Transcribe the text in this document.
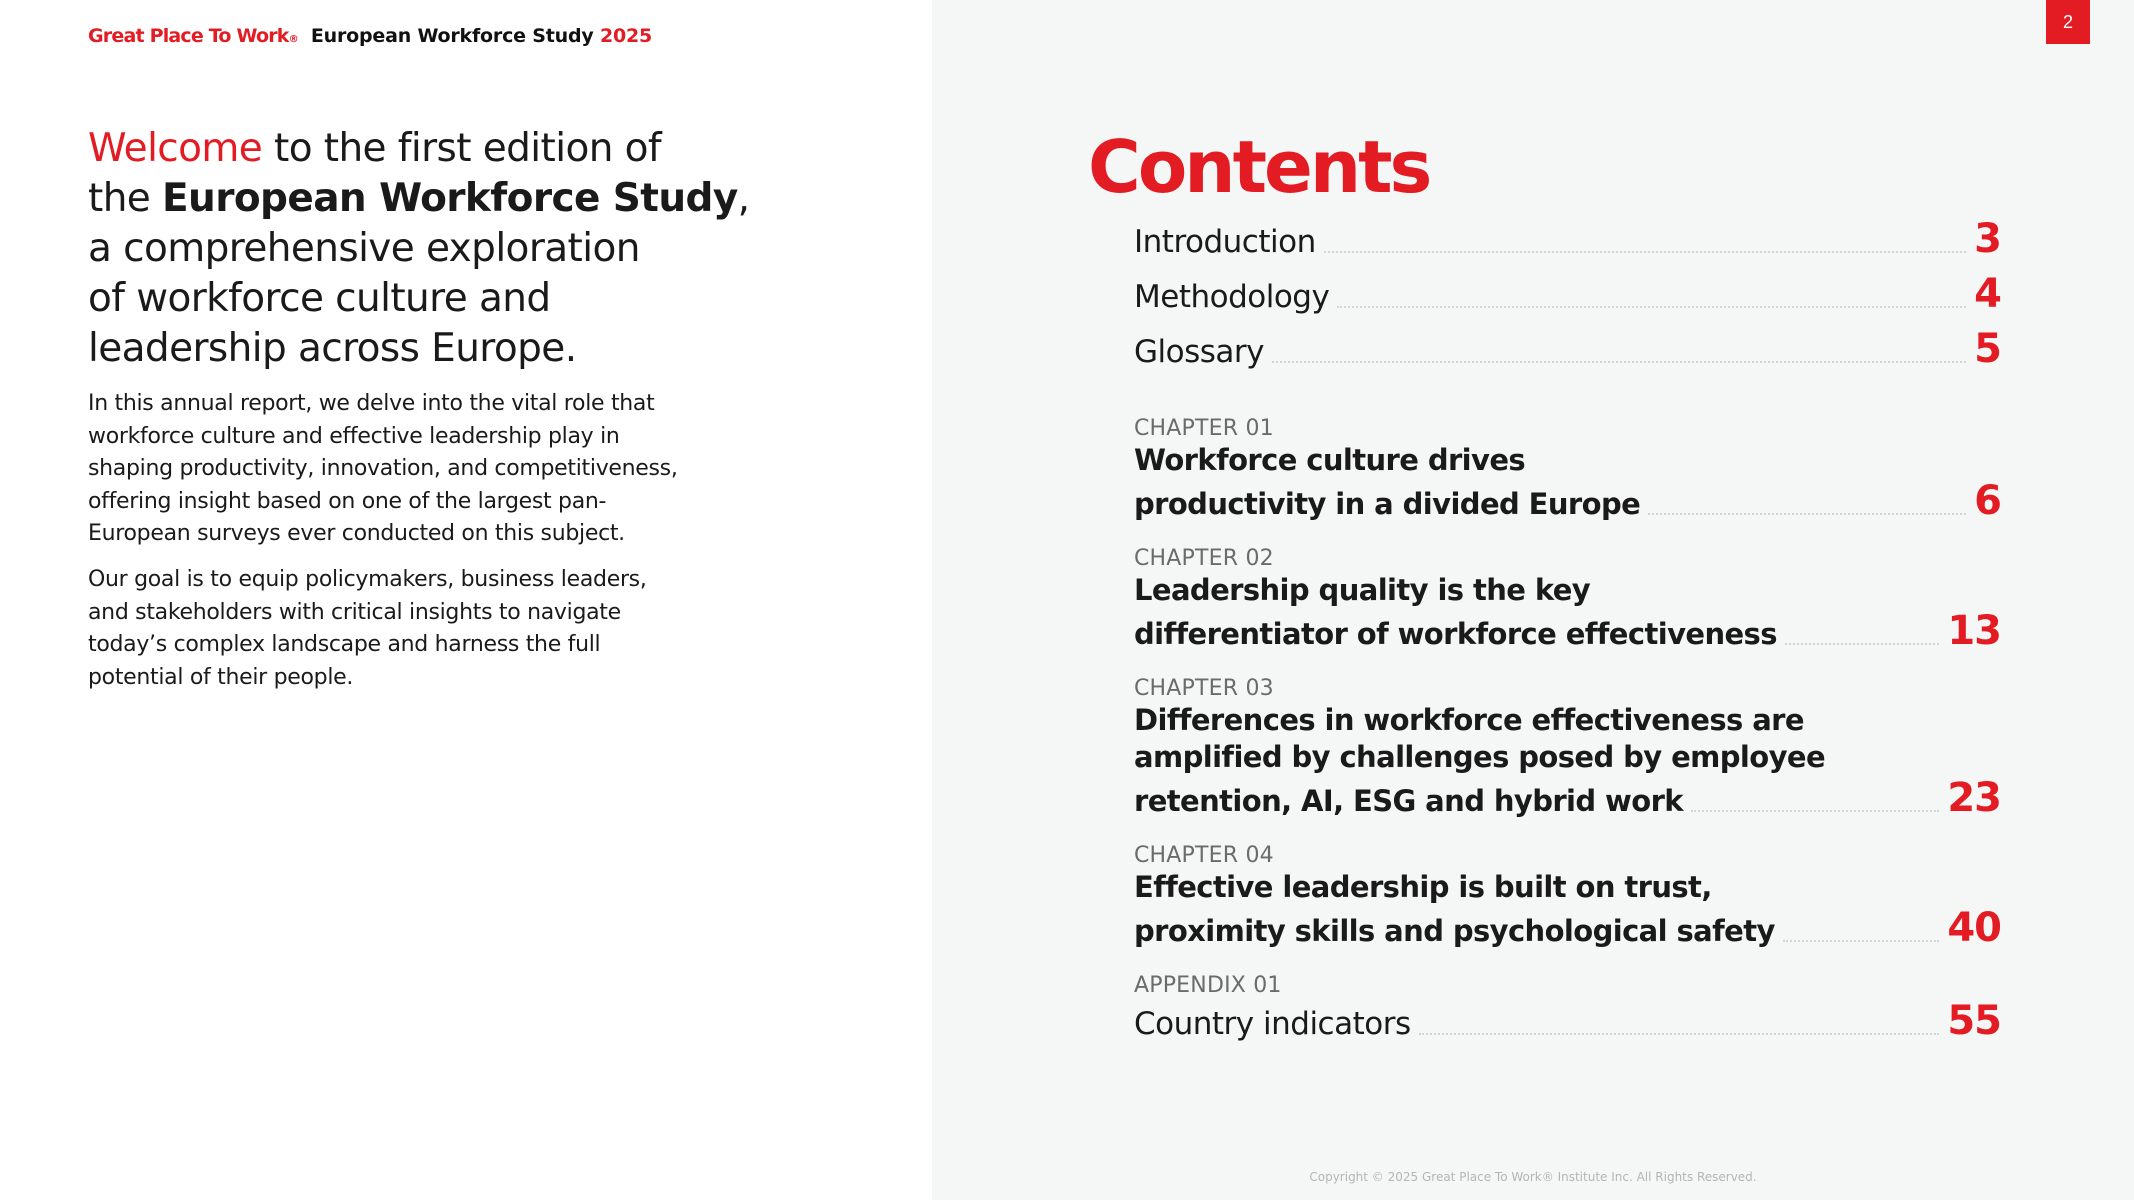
Great Place To Work® European Workforce Study 2025
Welcome to the first edition of
the European Workforce Study,
a comprehensive exploration of workforce culture and leadership across Europe.

In this annual report, we delve into the vital role that workforce culture and effective leadership play in shaping productivity, innovation, and competitiveness, offering insight based on one of the largest pan-European surveys ever conducted on this subject.

Our goal is to equip policymakers, business leaders, and stakeholders with critical insights to navigate today’s complex landscape and harness the full potential of their people.

2
Contents
Introduction	3
Methodology	4
Glossary	5
CHAPTER 01
Workforce culture drives
productivity in a divided Europe	6
CHAPTER 02
Leadership quality is the key
differentiator of workforce effectiveness	13
CHAPTER 03
Differences in workforce effectiveness are
amplified by challenges posed by employee
retention, AI, ESG and hybrid work	23
CHAPTER 04
Effective leadership is built on trust,
proximity skills and psychological safety	40
APPENDIX 01
Country indicators	55
Copyright © 2025 Great Place To Work® Institute Inc. All Rights Reserved.
